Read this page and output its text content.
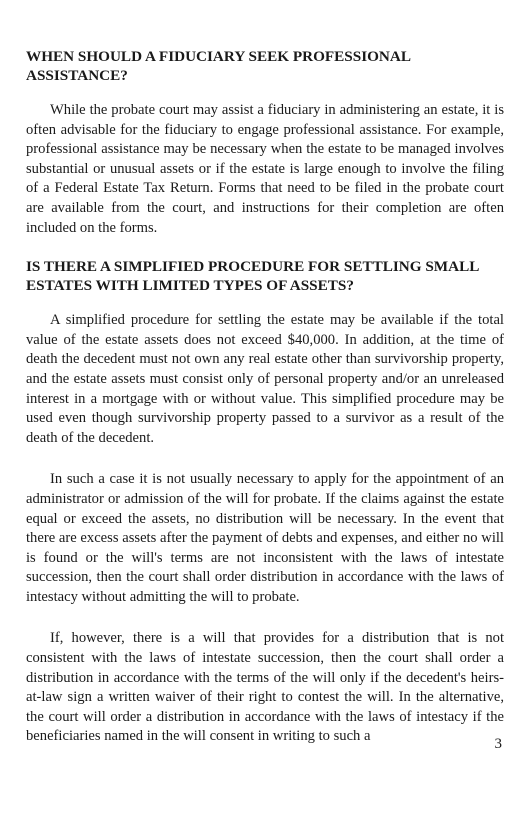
WHEN SHOULD A FIDUCIARY SEEK PROFESSIONAL ASSISTANCE?

While the probate court may assist a fiduciary in administering an estate, it is often advisable for the fiduciary to engage professional assistance. For example, professional assistance may be necessary when the estate to be managed involves substantial or unusual assets or if the estate is large enough to involve the filing of a Federal Estate Tax Return. Forms that need to be filed in the probate court are available from the court, and instructions for their completion are often included on the forms.

IS THERE A SIMPLIFIED PROCEDURE FOR SETTLING SMALL ESTATES WITH LIMITED TYPES OF ASSETS?

A simplified procedure for settling the estate may be available if the total value of the estate assets does not exceed $40,000. In addition, at the time of death the decedent must not own any real estate other than survivorship property, and the estate assets must consist only of personal property and/or an unreleased interest in a mortgage with or without value. This simplified procedure may be used even though survivorship property passed to a survivor as a result of the death of the decedent.

In such a case it is not usually necessary to apply for the appointment of an administrator or admission of the will for probate. If the claims against the estate equal or exceed the assets, no distribution will be necessary. In the event that there are excess assets after the payment of debts and expenses, and either no will is found or the will's terms are not inconsistent with the laws of intestate succession, then the court shall order distribution in accordance with the laws of intestacy without admitting the will to probate.

If, however, there is a will that provides for a distribution that is not consistent with the laws of intestate succession, then the court shall order a distribution in accordance with the terms of the will only if the decedent's heirs-at-law sign a written waiver of their right to contest the will. In the alternative, the court will order a distribution in accordance with the laws of intestacy if the beneficiaries named in the will consent in writing to such a	3
